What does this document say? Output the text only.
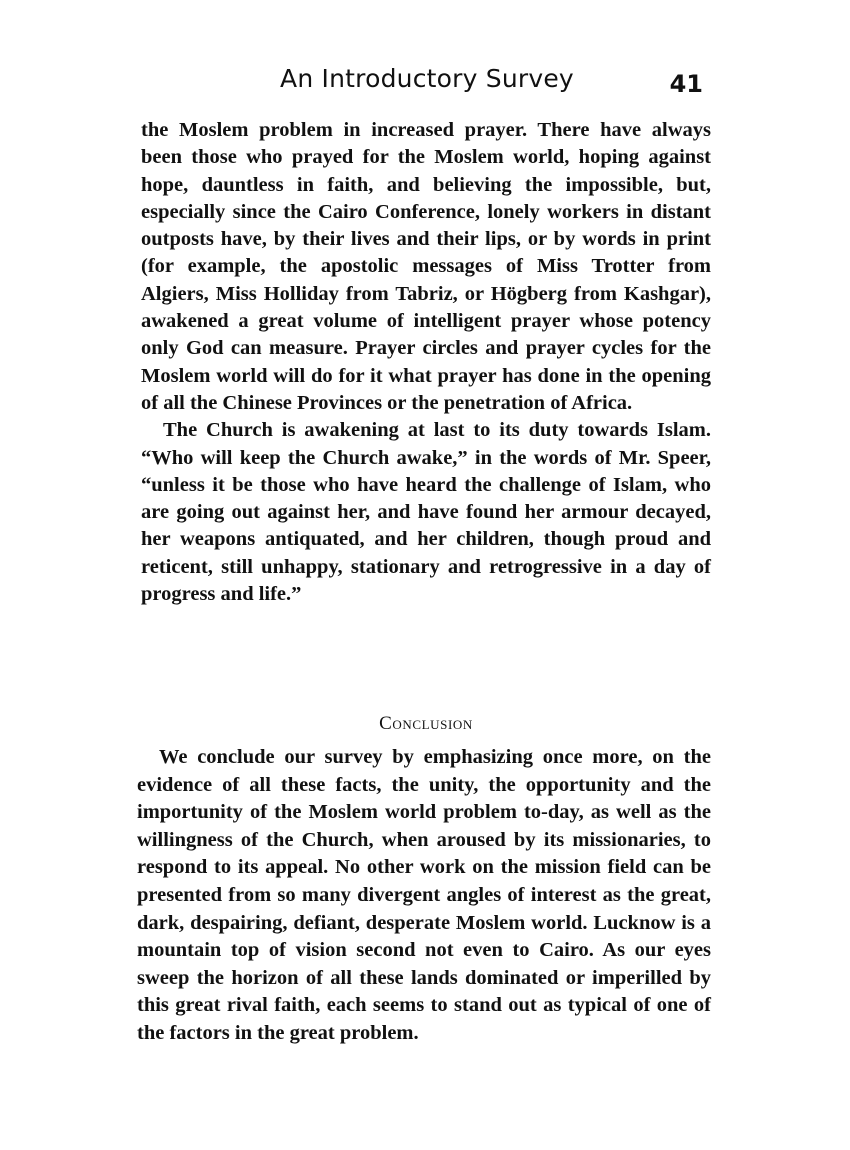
An Introductory Survey	41

the Moslem problem in increased prayer. There have always been those who prayed for the Moslem world, hoping against hope, dauntless in faith, and believing the impossible, but, especially since the Cairo Conference, lonely workers in distant outposts have, by their lives and their lips, or by words in print (for example, the apostolic messages of Miss Trotter from Algiers, Miss Holliday from Tabriz, or Högberg from Kashgar), awakened a great volume of intelligent prayer whose potency only God can measure. Prayer circles and prayer cycles for the Moslem world will do for it what prayer has done in the opening of all the Chinese Provinces or the penetration of Africa.

The Church is awakening at last to its duty towards Islam. “Who will keep the Church awake,” in the words of Mr. Speer, “unless it be those who have heard the challenge of Islam, who are going out against her, and have found her armour decayed, her weapons antiquated, and her children, though proud and reticent, still unhappy, stationary and retrogressive in a day of progress and life.”

Conclusion

We conclude our survey by emphasizing once more, on the evidence of all these facts, the unity, the opportunity and the importunity of the Moslem world problem to-day, as well as the willingness of the Church, when aroused by its missionaries, to respond to its appeal. No other work on the mission field can be presented from so many divergent angles of interest as the great, dark, despairing, defiant, desperate Moslem world. Lucknow is a mountain top of vision second not even to Cairo. As our eyes sweep the horizon of all these lands dominated or imperilled by this great rival faith, each seems to stand out as typical of one of the factors in the great problem.
